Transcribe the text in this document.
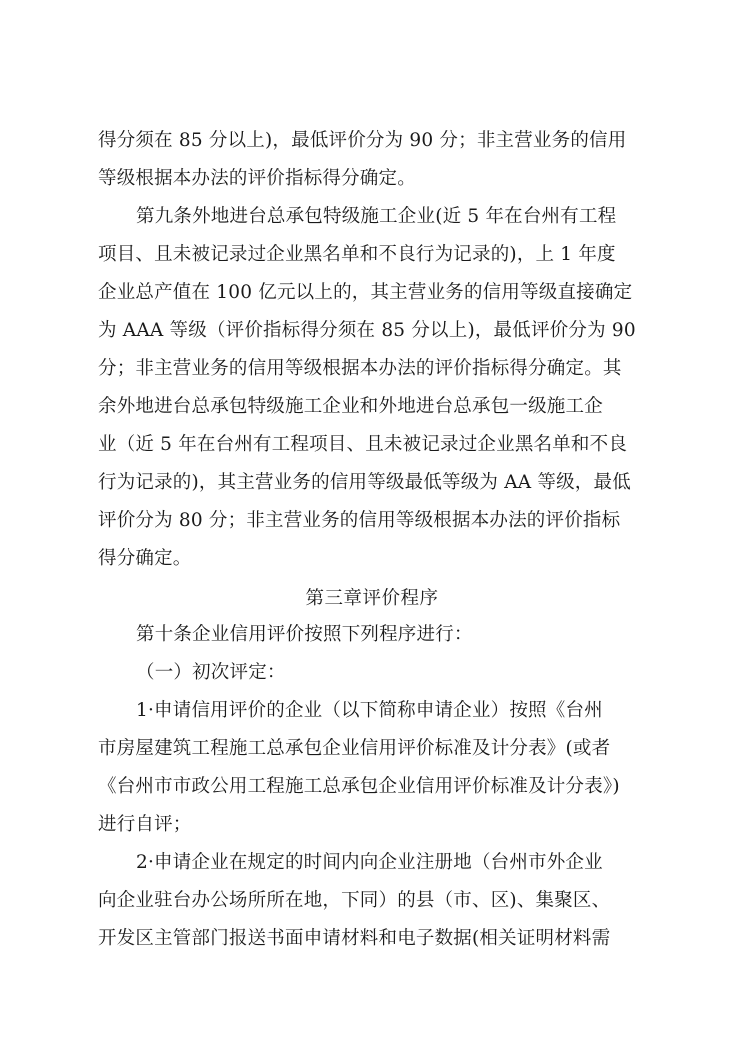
得分须在 85 分以上)，最低评价分为 90 分；非主营业务的信用
等级根据本办法的评价指标得分确定。
第九条外地进台总承包特级施工企业(近 5 年在台州有工程
项目、且未被记录过企业黑名单和不良行为记录的)，上 1 年度
企业总产值在 100 亿元以上的，其主营业务的信用等级直接确定
为 AAA 等级（评价指标得分须在 85 分以上)，最低评价分为 90
分；非主营业务的信用等级根据本办法的评价指标得分确定。其
余外地进台总承包特级施工企业和外地进台总承包一级施工企
业（近 5 年在台州有工程项目、且未被记录过企业黑名单和不良
行为记录的)，其主营业务的信用等级最低等级为 AA 等级，最低
评价分为 80 分；非主营业务的信用等级根据本办法的评价指标
得分确定。
第三章评价程序
第十条企业信用评价按照下列程序进行：
（一）初次评定：
1·申请信用评价的企业（以下简称申请企业）按照《台州
市房屋建筑工程施工总承包企业信用评价标准及计分表》(或者
《台州市市政公用工程施工总承包企业信用评价标准及计分表》)
进行自评；
2·申请企业在规定的时间内向企业注册地（台州市外企业
向企业驻台办公场所所在地，下同）的县（市、区)、集聚区、
开发区主管部门报送书面申请材料和电子数据(相关证明材料需
